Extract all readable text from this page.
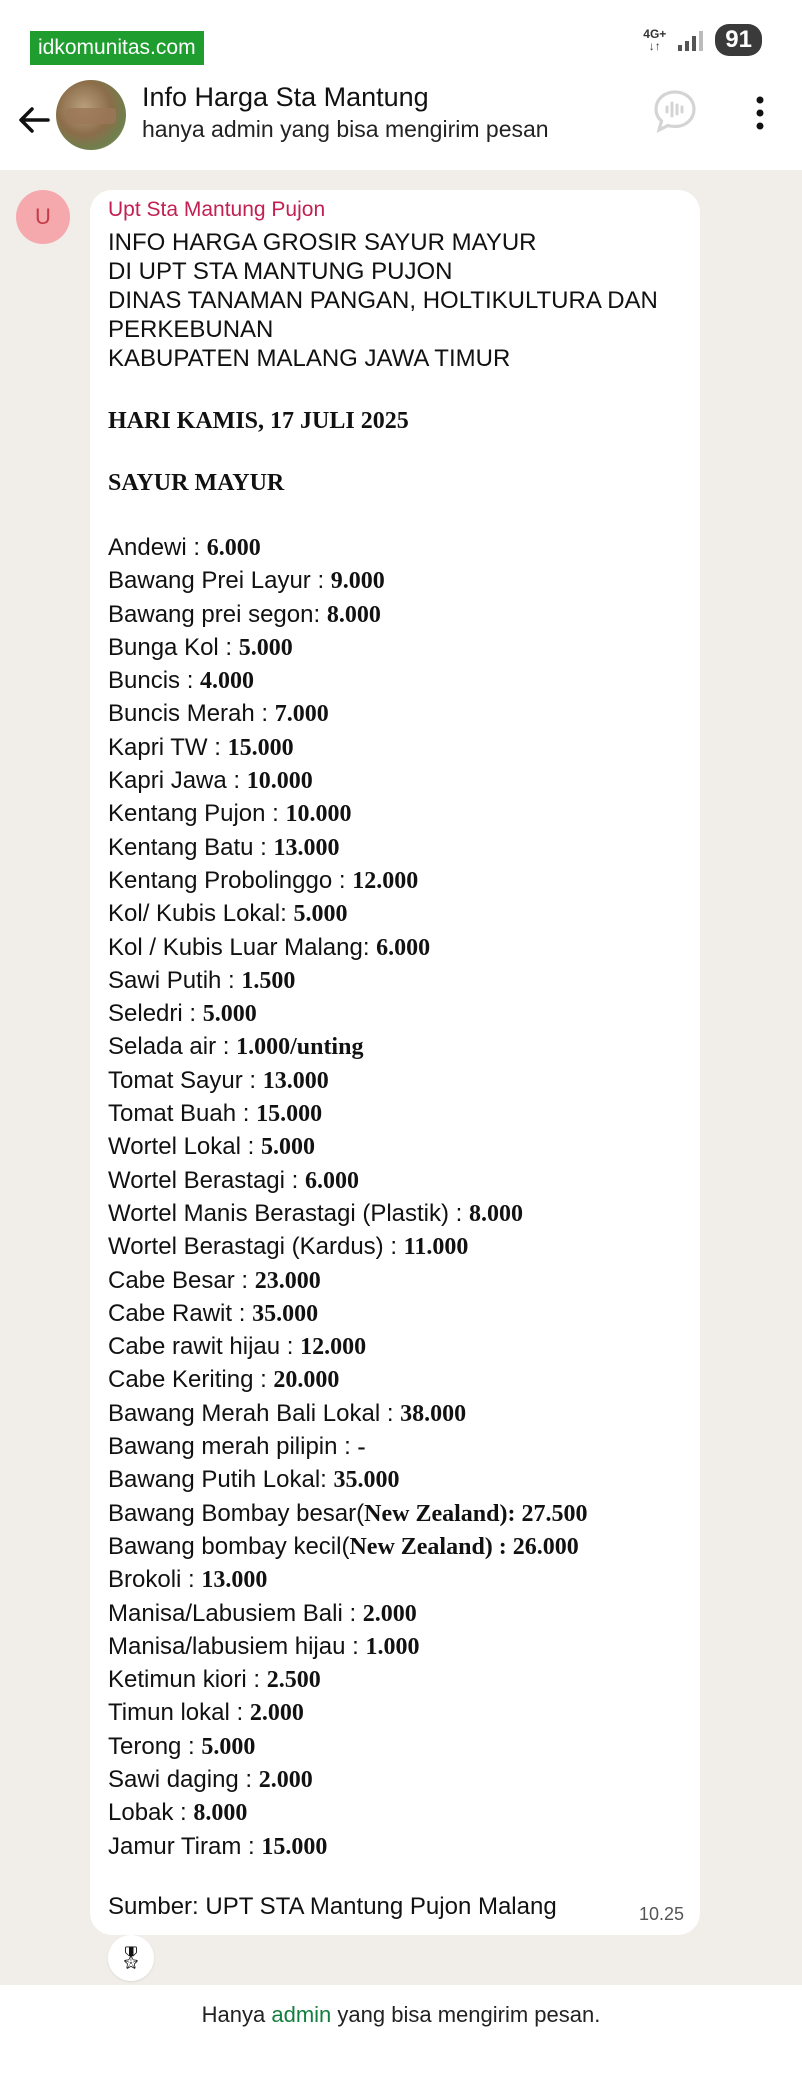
idkomunitas.com
4G+
↓↑	91
Info Harga Sta Mantung
hanya admin yang bisa mengirim pesan
U	Upt Sta Mantung Pujon
INFO HARGA GROSIR SAYUR MAYUR
DI UPT STA MANTUNG PUJON
DINAS TANAMAN PANGAN, HOLTIKULTURA DAN
PERKEBUNAN
KABUPATEN MALANG JAWA TIMUR
HARI KAMIS, 17 JULI 2025
SAYUR MAYUR
Andewi : 6.000
Bawang Prei Layur : 9.000
Bawang prei segon: 8.000
Bunga Kol : 5.000
Buncis : 4.000
Buncis Merah : 7.000
Kapri TW : 15.000
Kapri Jawa : 10.000
Kentang Pujon : 10.000
Kentang Batu : 13.000
Kentang Probolinggo : 12.000
Kol/ Kubis Lokal: 5.000
Kol / Kubis Luar Malang: 6.000
Sawi Putih : 1.500
Seledri : 5.000
Selada air : 1.000/unting
Tomat Sayur : 13.000
Tomat Buah : 15.000
Wortel Lokal : 5.000
Wortel Berastagi : 6.000
Wortel Manis Berastagi (Plastik) : 8.000
Wortel Berastagi (Kardus) : 11.000
Cabe Besar : 23.000
Cabe Rawit : 35.000
Cabe rawit hijau : 12.000
Cabe Keriting : 20.000
Bawang Merah Bali Lokal : 38.000
Bawang merah pilipin : -
Bawang Putih Lokal: 35.000
Bawang Bombay besar(New Zealand): 27.500
Bawang bombay kecil(New Zealand) : 26.000
Brokoli : 13.000
Manisa/Labusiem Bali : 2.000
Manisa/labusiem hijau : 1.000
Ketimun kiori : 2.500
Timun lokal : 2.000
Terong : 5.000
Sawi daging : 2.000
Lobak : 8.000
Jamur Tiram : 15.000
Sumber: UPT STA Mantung Pujon Malang	10.25
🎖
Hanya admin yang bisa mengirim pesan.
